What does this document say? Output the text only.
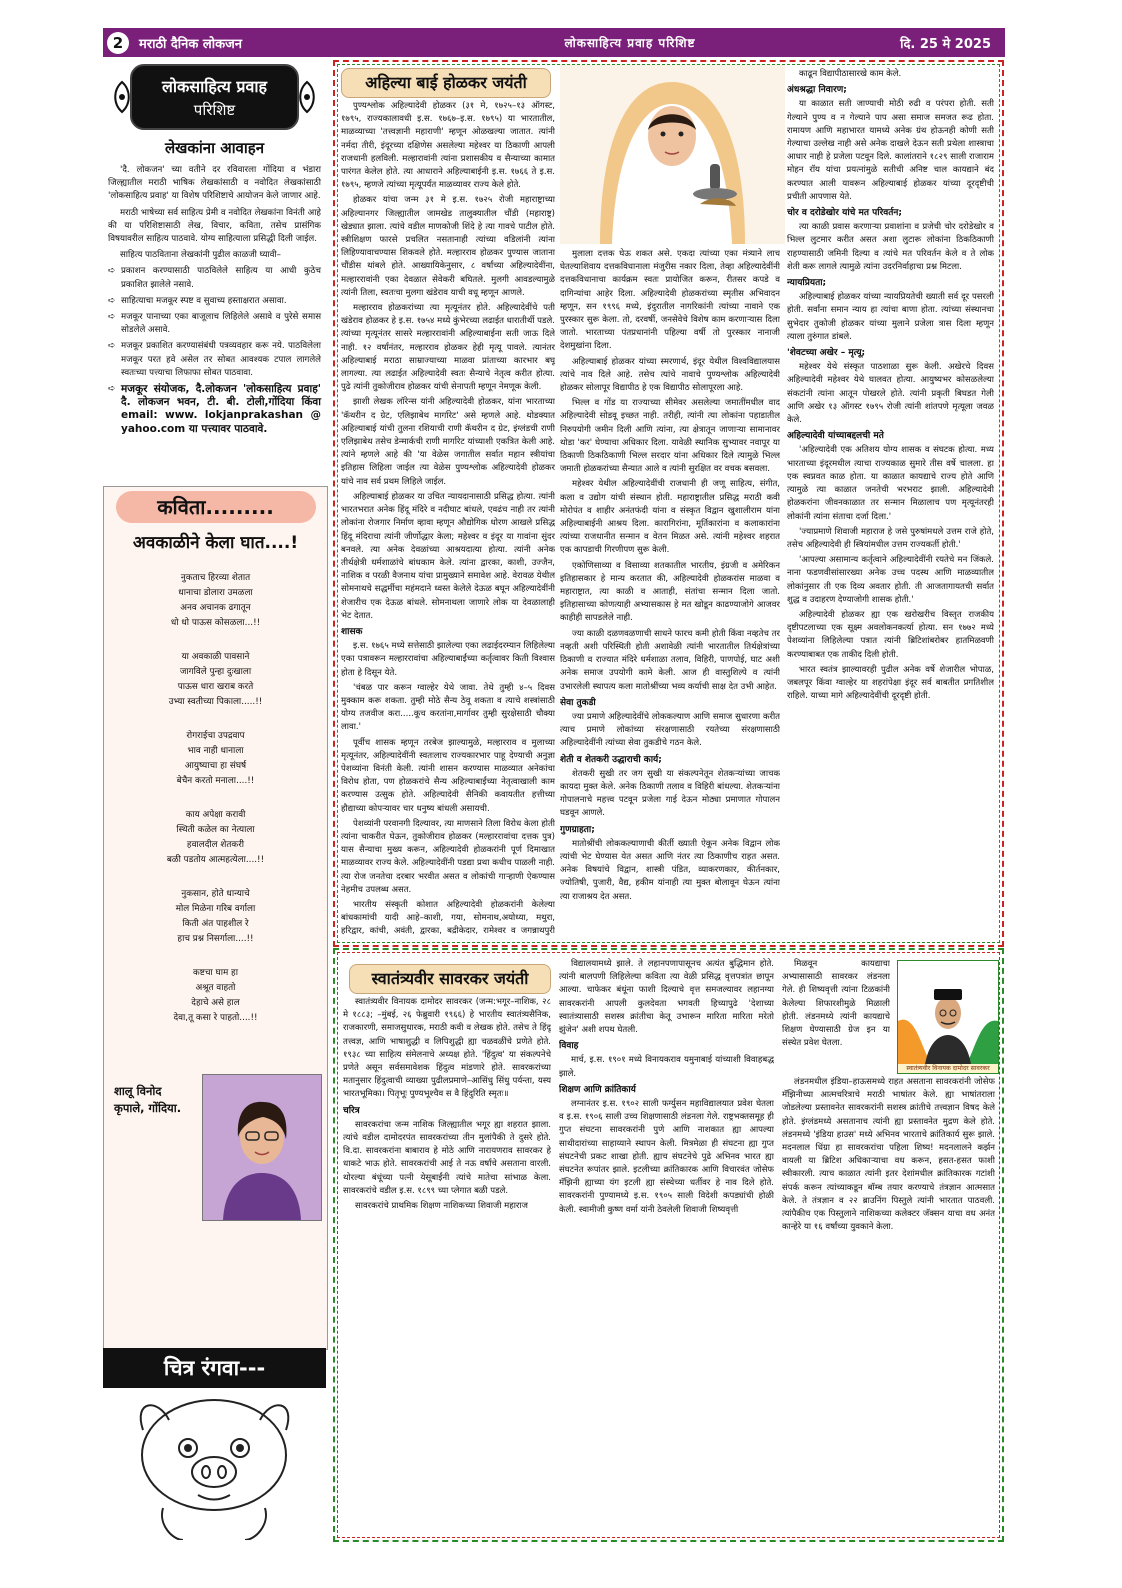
2	मराठी दैनिक लोकजन	लोकसाहित्य प्रवाह परिशिष्ट	दि. 25 मे 2025
लोकसाहित्य प्रवाह
परिशिष्ट
लेखकांना आवाहन

'दै. लोकजन' च्या वतीने दर रविवारला गोंदिया व भंडारा जिल्ह्यातील मराठी भाषिक लेखकांसाठी व नवोदित लेखकांसाठी 'लोकसाहित्य प्रवाह' या विशेष परिशिष्टाचे आयोजन केले जाणार आहे.

मराठी भाषेच्या सर्व साहित्य प्रेमी व नवोदित लेखकांना विनंती आहे की या परिशिष्टासाठी लेख, विचार, कविता, तसेच प्रासंगिक विषयावरील साहित्य पाठवावे. योग्य साहित्याला प्रसिद्धी दिली जाईल.

साहित्य पाठविताना लेखकांनी पुढील काळजी घ्यावी–

➪ प्रकाशन करण्यासाठी पाठविलेले साहित्य या आधी कुठेच प्रकाशित झालेले नसावे.

➪ साहित्याचा मजकूर स्पष्ट व सुवाच्य हस्ताक्षरात असावा.

➪ मजकूर पानाच्या एका बाजूलाच लिहिलेले असावे व पुरेसे समास सोडलेले असावे.

➪ मजकूर प्रकाशित करण्यासंबंधी पत्रव्यवहार करू नये. पाठविलेला मजकूर परत हवे असेल तर सोबत आवश्यक टपाल लागलेले स्वतःच्या पत्त्याचा लिफाफा सोबत पाठवावा.

➪ मजकूर संयोजक, दै.लोकजन 'लोकसाहित्य प्रवाह' दै. लोकजन भवन, टी. बी. टोली,गोंदिया किंवा email: www. lokjanprakashan @ yahoo.com या पत्त्यावर पाठवावे.

कविता.........
अवकाळीने केला घात....!
नुकताच हिरव्या शेतात
धानाचा डोलारा उमळला
अनव अचानक ढगातून
धो धो पाऊस कोसळला...!!
या अवकाळी पावसाने
जागविले पुन्हा दुःखाला
पाऊस धारा खराब करते
उभ्या स्वतीच्या पिकाला.....!!
रोगराईचा उपद्रवाप
भाव नाही धानाला
आयुष्याचा हा संघर्ष
बेचैन करतो मनाला....!!
काय अपेक्षा करावी
स्थिती कळेल का नेत्याला
हवालदील शेतकरी
बळी पडतोय आत्महत्येला....!!
नुकसान, होते धान्याचे
मोल मिळेना गरिब वर्गाला
किती अंत पाहशील रे
हाच प्रश्न निसर्गाला....!!
कष्टचा घाम हा
अश्रूत वाहतो
देहाचे असे हाल
देवा,तू कसा रे पाहतो....!!
शालू विनोद
कृपाले, गोंदिया.
चित्र रंगवा---
अहिल्या बाई होळकर जयंती

पुण्यश्लोक अहिल्यादेवी होळकर (३१ मे, १७२५–१३ ऑगस्ट, १७९५, राज्यकालावधी इ.स. १७६७–इ.स. १७९५) या भारतातील, माळव्याच्या 'तत्त्वज्ञानी महाराणी' म्हणून ओळखल्या जातात. त्यांनी नर्मदा तीरी, इंदूरच्या दक्षिणेस असलेल्या महेश्वर या ठिकाणी आपली राजधानी हलविली. मल्हारावांनी त्यांना प्रशासकीय व सैन्याच्या कामात पारंगत केलेल होते. त्या आधाराने अहिल्याबाईनी इ.स. १७६६ ते इ.स. १७९५, म्हणजे त्यांच्या मृत्यूपर्यंत माळव्यावर राज्य केले होते.

होळकर यांचा जन्म ३१ मे इ.स. १७२५ रोजी महाराष्ट्राच्या अहिल्यानगर जिल्ह्यातील जामखेड तालुक्यातील चौंडी (महाराष्ट्र) खेड्यात झाला. त्यांचे वडील माणकोजी शिंदे हे त्या गावचे पाटील होते. स्त्रीशिक्षण फारसे प्रचलित नसतानाही त्यांच्या वडिलांनी त्यांना लिहिण्यावाचण्यास शिकवले होते. मल्हारराव होळकर पुण्यास जाताना चौंडीस थांबले होते. आख्यायिकेनुसार, ८ वर्षांच्या अहिल्यादेवींना, मल्हाररावांनी एका देवळात सेवेकरी बघितले. मुलगी आवडल्यामुळे त्यांनी तिला, स्वतःचा मुलगा खंडेराव याची वधू म्हणून आणले.

मल्हारराव होळकरांच्या त्या मृत्यूनंतर होते. अहिल्यादेवींचे पती खंडेराव होळकर हे इ.स. १७५४ मध्ये कुंभेरच्या लढाईत धारातीर्थी पडले. त्यांच्या मृत्यूनंतर सासरे मल्हाररावांनी अहिल्याबाईना सती जाऊ दिले नाही. १२ वर्षांनंतर, मल्हारराव होळकर हेही मृत्यू पावले. त्यानंतर अहिल्याबाई मराठा साम्राज्याच्या माळवा प्रांताच्या कारभार बघू लागल्या. त्या लढाईत अहिल्यादेवी स्वतः सैन्याचे नेतृत्व करीत होत्या. पुढे त्यांनी तुकोजीराव होळकर यांची सेनापती म्हणून नेमणूक केली.

झाशी लेखक लॉरेन्स यांनी अहिल्यादेवी होळकर, यांना भारताच्या 'कॅथरीन द ग्रेट, एलिझाबेथ मार्गारेट' असे म्हणले आहे. थोडक्यात अहिल्याबाई यांची तुलना रशियाची राणी कॅथरीन द ग्रेट, इंग्लंडची राणी एलिझाबेथ तसेच डेन्मार्कची राणी मार्गारेट यांच्याशी एकत्रित केली आहे. त्यांने म्हणले आहे की 'या वेळेस जगातील सर्वात महान स्त्रीयांचा इतिहास लिहिला जाईल त्या वेळेस पुण्यश्लोक अहिल्यादेवी होळकर यांचे नाव सर्व प्रथम लिहिले जाईल.

अहिल्याबाई होळकर या उचित न्यायदानासाठी प्रसिद्ध होत्या. त्यांनी भारतभरात अनेक हिंदू मंदिरे व नदीघाट बांधले, एवढंच नाही तर त्यांनी लोकांना रोजगार निर्माण व्हावा म्हणून औद्योगिक धोरण आखले प्रसिद्ध हिंदू मंदिराचा त्यांनी जीर्णोद्धार केला; महेश्वर व इंदूर या गावांना सुंदर बनवले. त्या अनेक देवळांच्या आश्रयदात्या होत्या. त्यांनी अनेक तीर्थक्षेत्री धर्मशाळांचे बांधकाम केले. त्यांना द्वारका, काशी, उज्जैन, नाशिक व परळी वैजनाथ यांचा प्रामुख्याने समावेश आहे. वेरावळ येथील सोमनाथचे सद्धर्मीचा महंमदाने ध्वस्त केलेले देऊळ बघून अहिल्यादेवींनी शेजारीच एक देऊळ बांधले. सोमनाथला जाणारे लोक या देवळालाही भेट देतात.

शासक

इ.स. १७६५ मध्ये सत्तेसाठी झालेल्या एका लढाईदरम्यान लिहिलेल्या एका पत्रावरून मल्हाररावांचा अहिल्याबाईंच्या कर्तृत्वावर किती विश्वास होता हे दिसून येते.

'चंबळ पार करून ग्वाल्हेर येथे जावा. तेथे तुम्ही ४–५ दिवस मुक्काम करू शकता. तुम्ही मोठे सैन्य ठेवू शकता व त्याचे शस्त्रांसाठी योग्य तजवीज करा.....कूच करतांना,मार्गावर तुम्ही सुरक्षेसाठी चौक्या लावा.'

पूर्वीच शासक म्हणून तरबेज झाल्यामुळे, मल्हारराव व मुलाच्या मृत्यूनंतर, अहिल्यादेवींनी स्वतःलाच राज्यकारभार पाहू देण्याची अनुज्ञा पेशव्यांना विनंती केली. त्यांनी शासन करण्यास माळव्यात अनेकांचा विरोध होता, पण होळकरांचे सैन्य अहिल्याबाईंच्या नेतृत्वाखाली काम करण्यास उत्सुक होते. अहिल्यादेवी सैनिकी कवायतीत हत्तीच्या हौद्याच्या कोपऱ्यावर चार धनुष्य बांधली असायची.

पेशव्यांनी परवानगी दिल्यावर, त्या माणसाने तिला विरोध केला होती त्यांना चाकरीत घेऊन, तुकोजीराव होळकर (मल्हाररावांचा दत्तक पुत्र) यास सैन्याचा मुख्य करून, अहिल्यादेवी होळकरांनी पूर्ण दिमाखात माळव्यावर राज्य केले. अहिल्यादेवींनी पडद्या प्रथा कधीच पाळली नाही. त्या रोज जनतेचा दरबार भरवीत असत व लोकांची गाऱ्हाणी ऐकण्यास नेहमीच उपलब्ध असत.

भारतीय संस्कृती कोशात अहिल्यादेवी होळकरांनी केलेल्या बांधकामांची यादी आहे–काशी, गया, सोमनाथ,अयोध्या, मथुरा, हरिद्वार, कांची, अवंती, द्वारका, बद्रीकेदार, रामेश्वर व जगन्नाथपुरी

मुलाला दत्तक घेऊ शकत असे. एकदा त्यांच्या एका मंत्र्याने लाच घेतल्याशिवाय दत्तकविधानाला मंजुरीस नकार दिला, तेव्हा अहिल्यादेवींनी दत्तकविधानाचा कार्यक्रम स्वतः प्रायोजित करून, रीतसर कपडे व दागिन्यांचा आहेर दिला. अहिल्यादेवी होळकरांच्या स्मृतीस अभिवादन म्हणून, सन १९९६ मध्ये, इंदुरातील नागरिकांनी त्यांच्या नावाने एक पुरस्कार सुरू केला. तो, दरवर्षी, जनसेवेचे विशेष काम करणाऱ्यास दिला जातो. भारताच्या पंतप्रधानांनी पहिल्या वर्षी तो पुरस्कार नानाजी देशमुखांना दिला.

अहिल्याबाई होळकर यांच्या स्मरणार्थ, इंदूर येथील विश्वविद्यालयास त्यांचे नाव दिले आहे. तसेच त्यांचे नावाचे पुण्यश्लोक अहिल्यादेवी होळकर सोलापूर विद्यापीठ हे एक विद्यापीठ सोलापूरला आहे.

भिल्ल व गोंड या राज्याच्या सीमेवर असलेल्या जमातींमधील वाद अहिल्यादेवी सोडवू इच्छत नाही. तरीही, त्यांनी त्या लोकांना पहाडातील निरुपयोगी जमीन दिली आणि त्यांना, त्या क्षेत्रातून जाणाऱ्या सामानावर थोडा 'कर' घेण्याचा अधिकार दिला. यावेळी स्थानिक सुभ्यावर नवापूर या ठिकाणी ठिकठिकाणी भिल्ल सरदार यांना अधिकार दिले त्यामुळे भिल्ल जमाती होळकरांच्या सैन्यात आले व त्यांनी सुरक्षित वर वचक बसवला.

महेश्वर येथील अहिल्यादेवींची राजधानी ही जणू साहित्य, संगीत, कला व उद्योग यांची संस्थान होती. महाराष्ट्रातील प्रसिद्ध मराठी कवी मोरोपंत व शाहीर अनंतफंदी यांना व संस्कृत विद्वान खुशालीराम यांना अहिल्याबाईनी आश्रय दिला. कारागिरांना, मूर्तिकारांना व कलाकारांना त्यांच्या राजधानीत सन्मान व वेतन मिळत असे. त्यांनी महेश्वर शहरात एक कापडाची गिरणीपण सुरू केली.

एकोणिसाव्या व विसाव्या शतकातील भारतीय, इंग्रजी व अमेरिकन इतिहासकार हे मान्य करतात की, अहिल्यादेवी होळकरांस माळवा व महाराष्ट्रात, त्या काळी व आताही, संतांचा सन्मान दिला जातो. इतिहासाच्या कोणत्याही अभ्यासकास हे मत खोडून काढण्याजोगे आजवर काहीही सापडलेले नाही.

ज्या काळी दळणवळणाची साधने फारच कमी होती किंवा नव्हतेच तर नव्हती अशी परिस्थिती होती अशावेळी त्यांनी भारतातील तिर्थक्षेत्रांच्या ठिकाणी व राज्यात मंदिरे धर्मशाळा तलाव, विहिरी, पाणपोई, घाट अशी अनेक समाज उपयोगी कामे केली. आज ही वास्तुशिल्पे व त्यांनी उभारलेली स्थापत्य कला मातोश्रींच्या भव्य कर्याची साक्ष देत उभी आहेत.

सेवा तुकडी

ज्या प्रमाणे अहिल्यादेवींचे लोककल्याण आणि समाज सुधारणा करीत त्याच प्रमाणे लोकांच्या संरक्षणासाठी रयतेच्या संरक्षणासाठी अहिल्यादेवींनी त्यांच्या सेवा तुकडीचे गठन केले.

शेती व शेतकरी उद्धाराची कार्य;

शेतकरी सुखी तर जग सुखी या संकल्पनेतून शेतकऱ्यांच्या जाचक कायदा मुक्त केले. अनेक ठिकाणी तलाव व विहिरी बांधल्या. शेतकऱ्यांना गोपालनाचे महत्त्व पटवून प्रजेला गाई देऊन मोठ्या प्रमाणात गोपालन घडवून आणले.

गुणग्राहता;

मातोश्रींची लोककल्याणाची कीर्ती ख्याती ऐकून अनेक विद्वान लोक त्यांची भेट घेण्यास येत असत आणि नंतर त्या ठिकाणीच राहत असत. अनेक विषयांचे विद्वान, शास्त्री पंडित, व्याकरणकार, कीर्तनकार, ज्योतिषी, पुजारी, वैद्य, हकीम यांनाही त्या मुक्त बोलावून घेऊन त्यांना त्या राजाश्रय देत असत.

काढून विद्यापीठासारखे काम केले.

अंधश्रद्धा निवारण;

या काळात सती जाण्याची मोठी रुढी व परंपरा होती. सती गेल्याने पुण्य व न गेल्याने पाप असा समाज समजत रूढ होता. रामायण आणि महाभारत यामध्ये अनेक ग्रंथ होऊनही कोणी सती गेल्याचा उल्लेख नाही असे अनेक दाखले देऊन सती प्रथेला शास्त्राचा आधार नाही हे प्रजेला पटवून दिले. कालांतराने १८२९ साली राजाराम मोहन रॉय यांचा प्रयत्नांमुळे सतीची अनिष्ट चाल कायद्याने बंद करण्यात आली यावरून अहिल्याबाई होळकर यांच्या दूरदृष्टीची प्रचीती आपणास येते.

चोर व दरोडेखोर यांचे मत परिवर्तन;

त्या काळी प्रवास करणाऱ्या प्रवाशांना व प्रजेची चोर दरोडेखोर व भिल्ल लुटमार करीत असत अशा लुटारू लोकांना ठिकठिकाणी राहण्यासाठी जमिनी दिल्या व त्यांचे मत परिवर्तन केले व ते लोक शेती करू लागले त्यामुळे त्यांना उदरनिर्वाहाचा प्रश्न मिटला.

न्यायप्रियता;

अहिल्याबाई होळकर यांच्या न्यायप्रियतेची ख्याती सर्व दूर पसरली होती. सर्वांना समान न्याय हा त्यांचा बाणा होता. त्यांच्या संस्थानचा सुभेदार तुकोजी होळकर यांच्या मुलाने प्रजेला त्रास दिला म्हणून त्याला तुरुंगात डांबले.

'शेवटच्या अखेर – मृत्यू;

महेश्वर येथे संस्कृत पाठशाळा सुरू केली. अखेरचे दिवस अहिल्यादेवी महेश्वर येथे घालवत होत्या. आयुष्यभर कोसळलेल्या संकटांनी त्यांना आतून पोखरले होते. त्यांनी प्रकृती बिघडत गेली आणि अखेर १३ ऑगस्ट १७९५ रोजी त्यांनी शांतपणे मृत्यूला जवळ केले.

अहिल्यादेवी यांच्याबद्दलची मते

'अहिल्यादेवी एक अतिशय योग्य शासक व संघटक होत्या. मध्य भारताच्या इंदूरमधील त्याचा राज्यकाळ सुमारे तीस वर्षे चालला. हा एक स्वप्नवत काळ होता. या काळात कायद्याचे राज्य होते आणि त्यामुळे त्या काळात जनतेची भरभराट झाली. अहिल्यादेवी होळकरांना जीवनकाळात तर सन्मान मिळालाच पण मृत्यूनंतरही लोकांनी त्यांना संताचा दर्जा दिला.'

'ज्याप्रमाणे शिवाजी महाराज हे जसे पुरुषांमधले उत्तम राजे होते, तसेच अहिल्यादेवी ही स्त्रियांमधील उत्तम राज्यकर्ती होती.'

'आपल्या असामान्य कर्तृत्वाने अहिल्यादेवींनी रयतेचे मन जिंकले. नाना फडणवीसांसारख्या अनेक उच्च पदस्थ आणि माळव्यातील लोकांनुसार ती एक दिव्य अवतार होती. ती आजतागायतची सर्वात शुद्ध व उदाहरण देण्याजोगी शासक होती.'

अहिल्यादेवी होळकर ह्या एक खरोखरीच विस्तृत राजकीय दृष्टीपटलाच्या एक सूक्ष्म अवलोकनकर्त्या होत्या. सन १७७२ मध्ये पेशव्यांना लिहिलेल्या पत्रात त्यांनी ब्रिटिशांबरोबर हातमिळवणी करण्याबाबत एक ताकीद दिली होती.

भारत स्वतंत्र झाल्यावरही पुढील अनेक वर्षे शेजारील भोपाळ, जबलपूर किंवा ग्वाल्हेर या शहरांपेक्षा इंदूर सर्व बाबतीत प्रगतिशील राहिले. याच्या मागे अहिल्यादेवींची दूरदृष्टी होती.

स्वातंत्र्यवीर सावरकर जयंती
स्वातंत्र्यवीर विनायक दामोदर सावरकर

स्वातंत्र्यवीर विनायक दामोदर सावरकर (जन्म:भगूर–नाशिक, २८ मे १८८३; –मुंबई, २६ फेब्रुवारी १९६६) हे भारतीय स्वातंत्र्यसैनिक, राजकारणी, समाजसुधारक, मराठी कवी व लेखक होते. तसेच ते हिंदू तत्त्वज्ञ, आणि भाषाशुद्धी व लिपिशुद्धी ह्या चळवळींचे प्रणेते होते. १९३८ च्या साहित्य संमेलनाचे अध्यक्ष होते. 'हिंदुत्व' या संकल्पनेचे प्रणेते असून सर्वसमावेशक हिंदुत्व मांडणारे होते. सावरकरांच्या मतानुसार हिंदुत्वाची व्याख्या पुढीलप्रमाणे–आसिंधु सिंधु पर्यन्ता, यस्य भारतभूमिका। पितृभूः पुण्यभूश्चैव स वै हिंदुरिति स्मृतः॥

चरित्र

सावरकरांचा जन्म नाशिक जिल्ह्यातील भगूर ह्या शहरात झाला. त्यांचे वडील दामोदरपंत सावरकरांच्या तीन मुलांपैकी ते दुसरे होते. वि.दा. सावरकरांना बाबाराव हे मोठे आणि नारायणराव सावरकर हे धाकटे भाऊ होते. सावरकरांची आई ते नऊ वर्षांचे असताना वारली. थोरल्या बंधूंच्या पत्नी येसूबाईंनी त्यांचे मातेचा सांभाळ केला. सावरकरांचे वडील इ.स. १८९९ च्या प्लेगात बळी पडले.

सावरकरांचे प्राथमिक शिक्षण नाशिकच्या शिवाजी महाराज

विद्यालयामध्ये झाले. ते लहानपणापासूनच अत्यंत बुद्धिमान होते. त्यांनी बालपणी लिहिलेल्या कविता त्या वेळी प्रसिद्ध वृत्तपत्रांत छापून आल्या. चाफेकर बंधूंना फाशी दिल्याचे वृत्त समजल्यावर लहानग्या सावरकरांनी आपली कुलदेवता भगवती हिच्यापुढे 'देशाच्या स्वातंत्र्यासाठी सशस्त्र क्रांतीचा केतू उभारून मारिता मारिता मरेतो झुंजेन' अशी शपथ घेतली.

विवाह

मार्च, इ.स. १९०१ मध्ये विनायकराव यमुनाबाई यांच्याशी विवाहबद्ध झाले.

शिक्षण आणि क्रांतिकार्य

लग्नानंतर इ.स. १९०२ साली फर्ग्युसन महाविद्यालयात प्रवेश घेतला व इ.स. १९०६ साली उच्च शिक्षणासाठी लंडनला गेले. राष्ट्रभक्तसमूह ही गुप्त संघटना सावरकरांनी पुणे आणि नाशकात ह्या आपल्या साथीदारांच्या साहाय्याने स्थापन केली. मित्रमेळा ही संघटना ह्या गुप्त संघटनेची प्रकट शाखा होती. ह्याच संघटनेचे पुढे अभिनव भारत ह्या संघटनेत रूपांतर झाले. इटलीच्या क्रांतिकारक आणि विचारवंत जोसेफ मॅझिनी ह्याच्या यंग इटली ह्या संस्थेच्या धर्तीवर हे नाव दिले होते. सावरकरांनी पुण्यामध्ये इ.स. १९०५ साली विदेशी कपड्यांची होळी केली. स्वामीजी कुष्ण वर्मा यांनी ठेवलेली शिवाजी शिष्यवृत्ती

मिळवून कायद्याचा अभ्यासासाठी सावरकर लंडनला गेले. ही शिष्यवृत्ती त्यांना टिळकांनी केलेल्या शिफारशीमुळे मिळाली होती. लंडनमध्ये त्यांनी कायद्याचे शिक्षण घेण्यासाठी ग्रेज इन या संस्थेत प्रवेश घेतला.

लंडनमधील इंडिया–हाऊसमध्ये राहत असताना सावरकरांनी जोसेफ मॅझिनीच्या आत्मचरित्राचे मराठी भाषांतर केले. ह्या भाषांतराला जोडलेल्या प्रस्तावनेत सावरकरांनी सशस्त्र क्रांतीचे तत्त्वज्ञान विषद केले होते. इंग्लंडमध्ये असतानाच त्यांनी ह्या प्रस्तावनेत मुद्रण केले होते. लंडनमध्ये 'इंडिया हाउस' मध्ये अभिनव भारताचे क्रांतिकार्य सुरू झाले. मदनलाल धिंग्रा हा सावरकरांचा पहिला शिष्य! मदनलालने कर्झन वायली या ब्रिटिश अधिकाऱ्याचा वध करून, हसत-हसत फाशी स्वीकारली. त्याच काळात त्यांनी इतर देशांमधील क्रांतिकारक गटांशी संपर्क करून त्यांच्याकडून बॉम्ब तयार करण्याचे तंत्रज्ञान आत्मसात केले. ते तंत्रज्ञान व २२ ब्राउनिंग पिस्तुले त्यांनी भारतात पाठवली. त्यांपैकीच एक पिस्तुलाने नाशिकच्या कलेक्टर जॅक्सन याचा वध अनंत कान्हेरे या १६ वर्षांच्या युवकाने केला.
